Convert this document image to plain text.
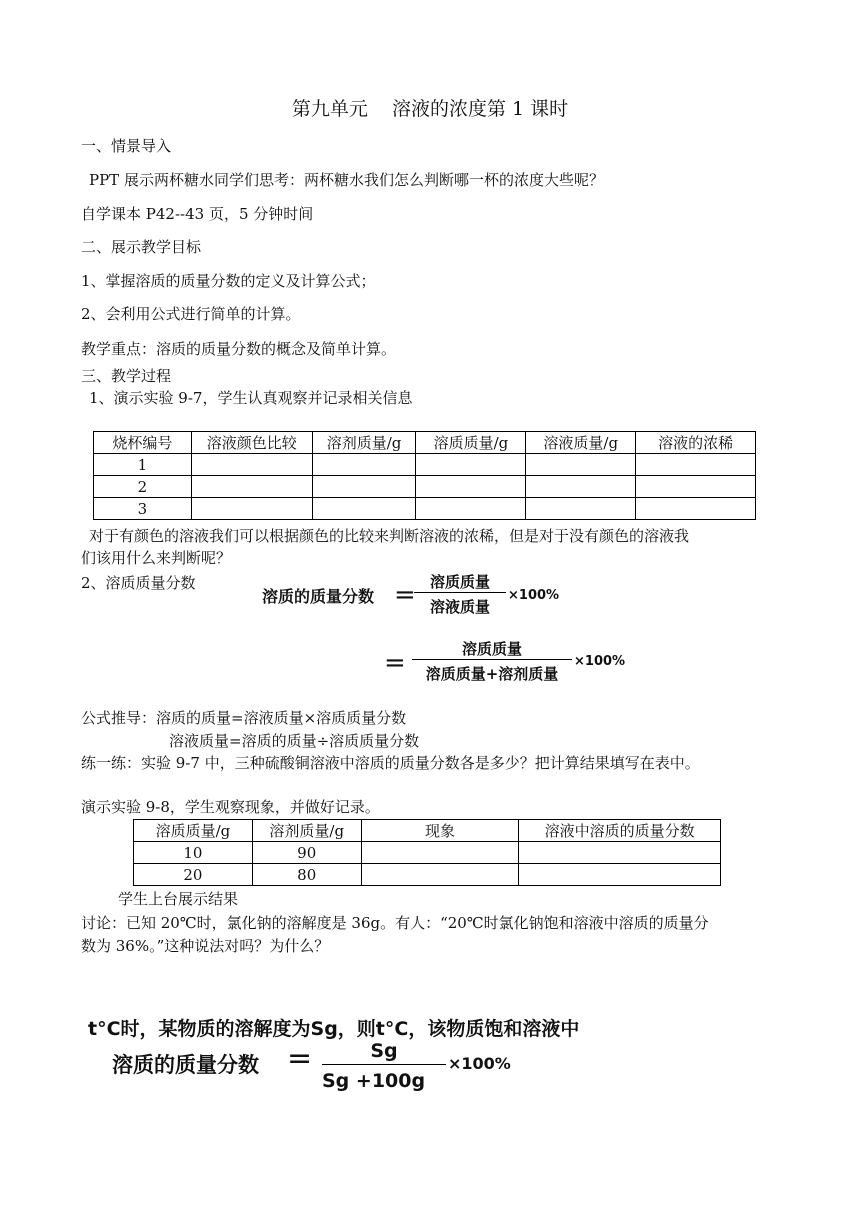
第九单元    溶液的浓度第 1 课时
一、情景导入
PPT 展示两杯糖水同学们思考：两杯糖水我们怎么判断哪一杯的浓度大些呢？
自学课本 P42--43 页，5 分钟时间
二、展示教学目标
1、掌握溶质的质量分数的定义及计算公式；
2、会利用公式进行简单的计算。
教学重点：溶质的质量分数的概念及简单计算。
三、教学过程
1、演示实验 9-7，学生认真观察并记录相关信息
烧杯编号	溶液颜色比较	溶剂质量/g	溶质质量/g	溶液质量/g	溶液的浓稀
1					
2					
3					
对于有颜色的溶液我们可以根据颜色的比较来判断溶液的浓稀，但是对于没有颜色的溶液我
们该用什么来判断呢？
2、溶质质量分数
溶质的质量分数 = 溶质质量
溶液质量
×100%
=	溶质质量
溶质质量+溶剂质量
×100%
公式推导：溶质的质量=溶液质量×溶质质量分数
溶液质量=溶质的质量÷溶质质量分数
练一练：实验 9-7 中，三种硫酸铜溶液中溶质的质量分数各是多少？把计算结果填写在表中。
演示实验 9-8，学生观察现象，并做好记录。
溶质质量/g	溶剂质量/g	现象	溶液中溶质的质量分数
10	90		
20	80		
学生上台展示结果
讨论：已知 20℃时，氯化钠的溶解度是 36g。有人：“20℃时氯化钠饱和溶液中溶质的质量分
数为 36%。”这种说法对吗？为什么？
t°C时，某物质的溶解度为Sg，则t°C，该物质饱和溶液中
溶质的质量分数 = $\frac{Sg}{Sg +100g} \times 100\%$
